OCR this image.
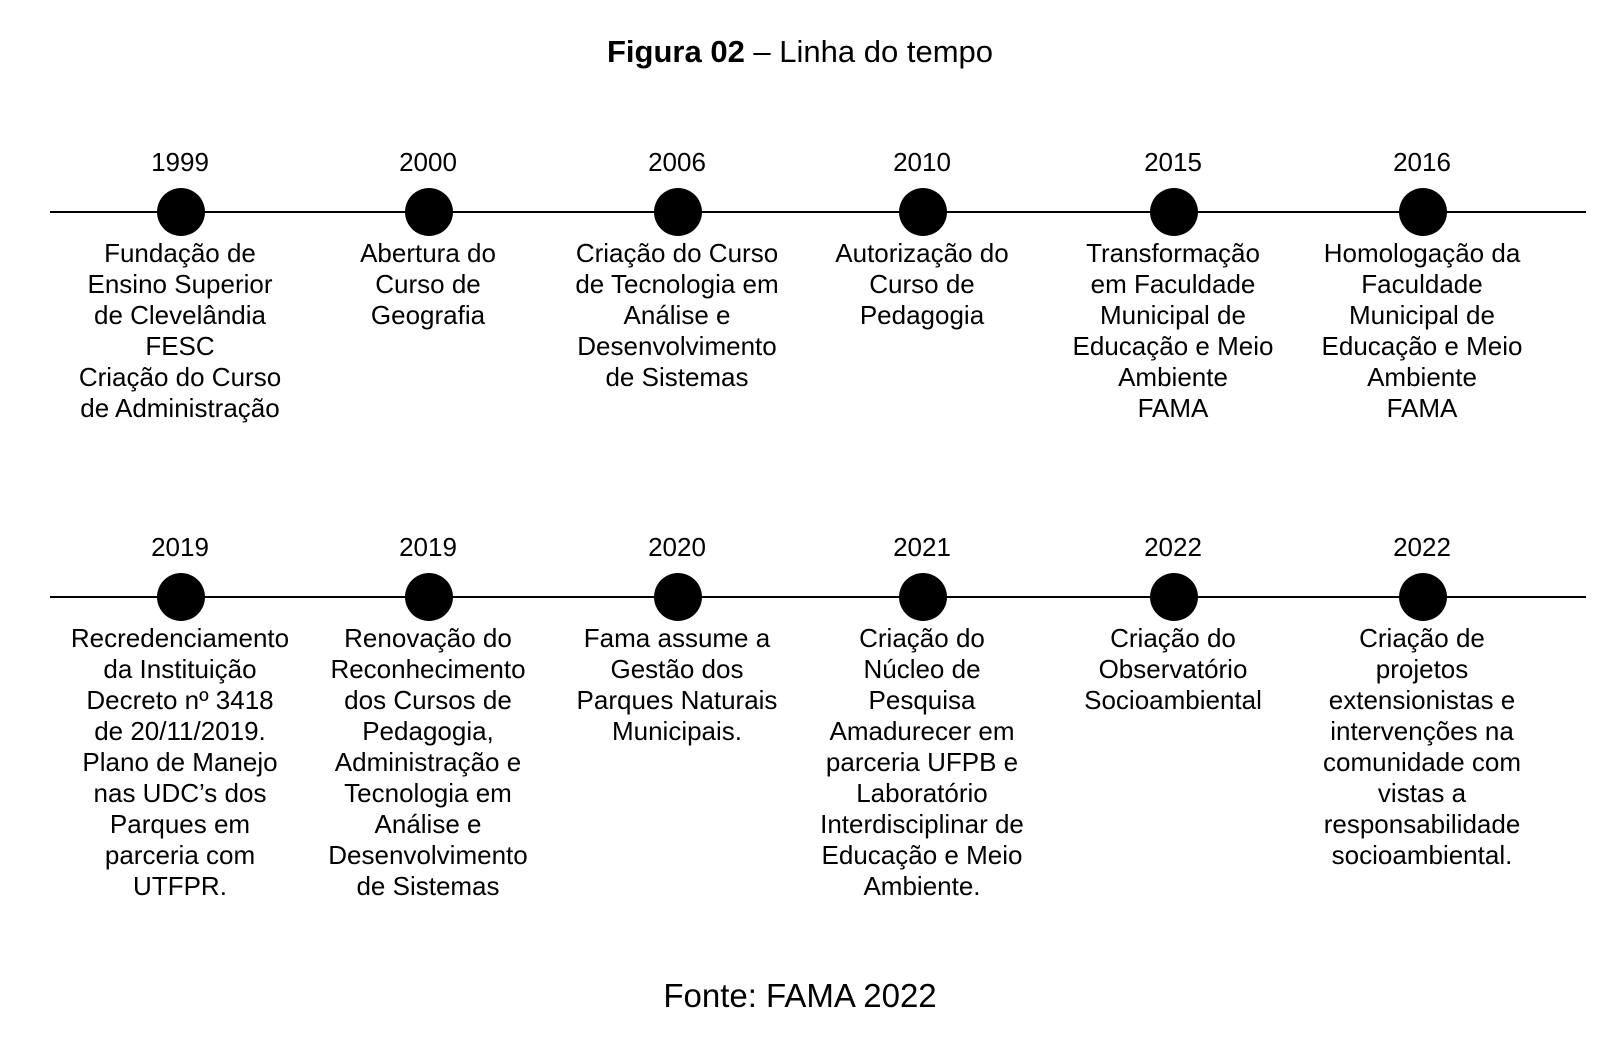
Figura 02 – Linha do tempo
1999
Fundação de
Ensino Superior
de Clevelândia
FESC
Criação do Curso
de Administração
2000
Abertura do
Curso de
Geografia
2006
Criação do Curso
de Tecnologia em
Análise e
Desenvolvimento
de Sistemas
2010
Autorização do
Curso de
Pedagogia
2015
Transformação
em Faculdade
Municipal de
Educação e Meio
Ambiente
FAMA
2016
Homologação da
Faculdade
Municipal de
Educação e Meio
Ambiente
FAMA
2019
Recredenciamento
da Instituição
Decreto nº 3418
de 20/11/2019.
Plano de Manejo
nas UDC’s dos
Parques em
parceria com
UTFPR.
2019
Renovação do
Reconhecimento
dos Cursos de
Pedagogia,
Administração e
Tecnologia em
Análise e
Desenvolvimento
de Sistemas
2020
Fama assume a
Gestão dos
Parques Naturais
Municipais.
2021
Criação do
Núcleo de
Pesquisa
Amadurecer em
parceria UFPB e
Laboratório
Interdisciplinar de
Educação e Meio
Ambiente.
2022
Criação do
Observatório
Socioambiental
2022
Criação de
projetos
extensionistas e
intervenções na
comunidade com
vistas a
responsabilidade
socioambiental.
Fonte: FAMA 2022
